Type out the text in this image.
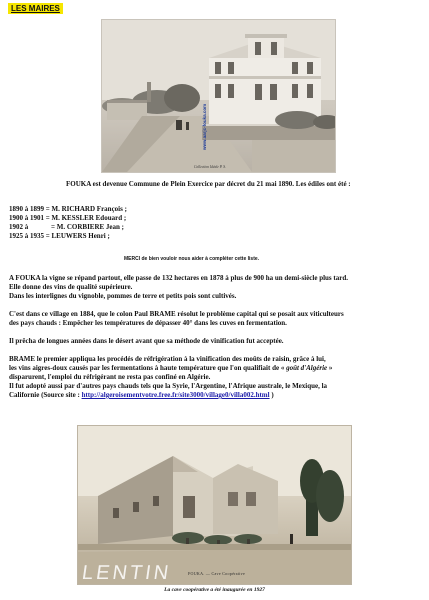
LES MAIRES
www.aarjc-fouka.com
Collection Idéale P. S.
FOUKA est devenue Commune de Plein Exercice par décret du 21 mai 1890. Les édiles ont été :
1890 à 1899 = M. RICHARD François ;
1900 à 1901 = M. KESSLER Edouard ;
1902 à	= M. CORBIERE Jean ;
1925 à 1935 = LEUWERS Henri ;
MERCI de bien vouloir nous aider à compléter cette liste.
A FOUKA la vigne se répand partout, elle passe de 132 hectares en 1878 à plus de 900 ha un demi-siècle plus tard.
Elle donne des vins de qualité supérieure.
Dans les interlignes du vignoble, pommes de terre et petits pois sont cultivés.
C'est dans ce village en 1884, que le colon Paul BRAME résolut le problème capital qui se posait aux viticulteurs
des pays chauds : Empêcher les températures de dépasser 40° dans les cuves en fermentation.
Il prêcha de longues années dans le désert avant que sa méthode de vinification fut acceptée.
BRAME le premier appliqua les procédés de réfrigération à la vinification des moûts de raisin, grâce à lui,
les vins aigres-doux causés par les fermentations à haute température que l'on qualifiait de « goût d'Algérie »
disparurent, l'emploi du réfrigérant ne resta pas confiné en Algérie.
Il fut adopté aussi par d'autres pays chauds tels que la Syrie, l'Argentine, l'Afrique australe, le Mexique, la
Californie (Source site : http://algeroisementvotre.free.fr/site3000/village0/villa002.html )
FOUKA. — Cave Coopérative
LENTIN
La cave coopérative a été inaugurée en 1927
